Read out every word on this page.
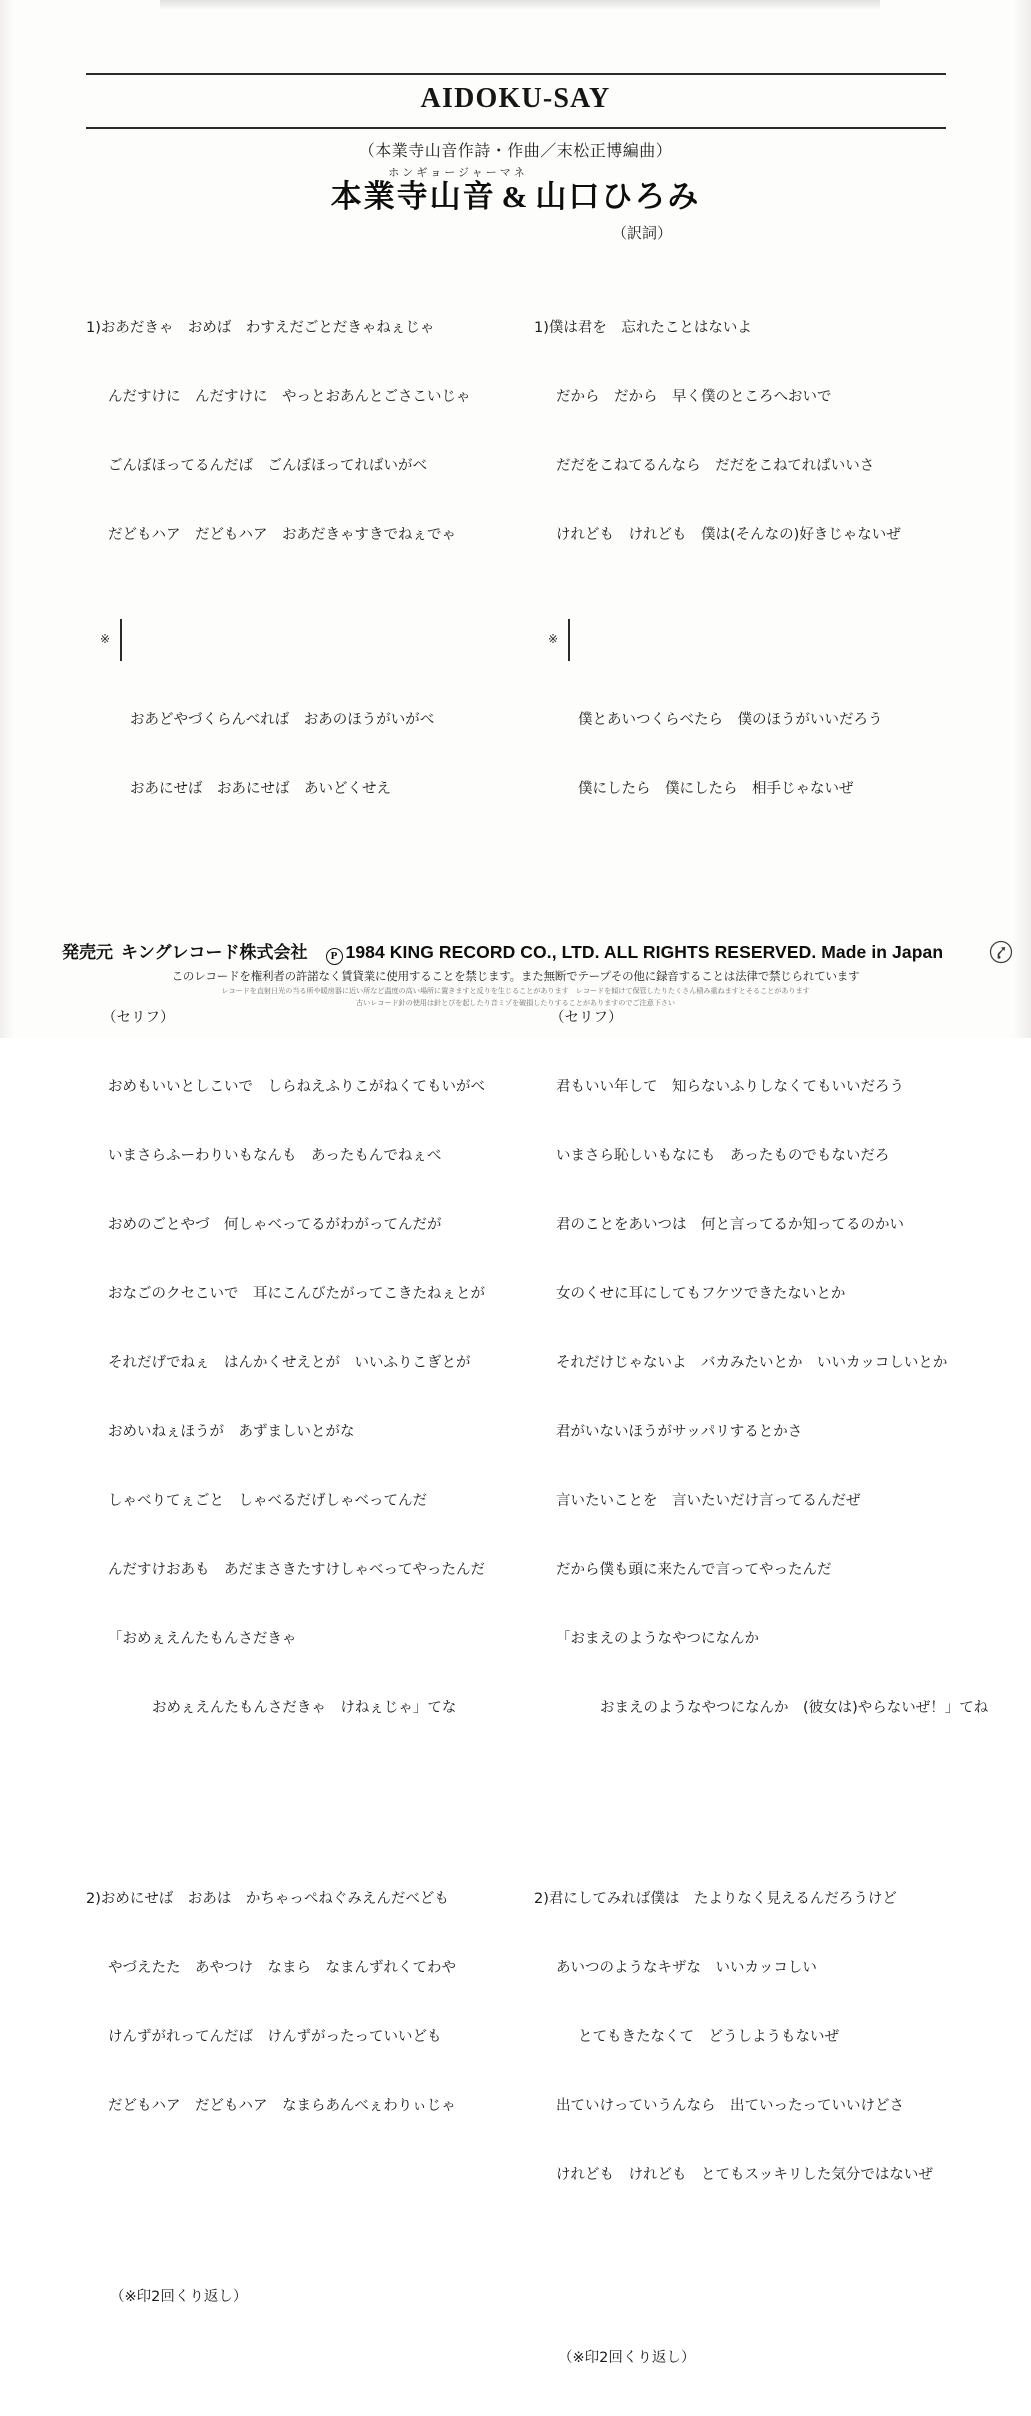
AIDOKU-SAY
（本業寺山音作詩・作曲／末松正博編曲）
ホンギョージャーマネ
本業寺山音 & 山口ひろみ
（訳詞）

1)おあだきゃ　おめば　わすえだごとだきゃねぇじゃ

んだすけに　んだすけに　やっとおあんとごさこいじゃ

ごんぼほってるんだば　ごんぼほってればいがべ

だどもハア　だどもハア　おあだきゃすきでねぇでゃ

※

おあどやづくらんべれば　おあのほうがいがべ

おあにせば　おあにせば　あいどくせえ

（セリフ）

おめもいいとしこいで　しらねえふりこがねくてもいがべ

いまさらふーわりいもなんも　あったもんでねぇべ

おめのごとやづ　何しゃべってるがわがってんだが

おなごのクセこいで　耳にこんびたがってこきたねぇとが

それだげでねぇ　はんかくせえとが　いいふりこぎとが

おめいねぇほうが　あずましいとがな

しゃべりてぇごと　しゃべるだげしゃべってんだ

んだすけおあも　あだまさきたすけしゃべってやったんだ

「おめぇえんたもんさだきゃ

おめぇえんたもんさだきゃ　けねぇじゃ」てな

2)おめにせば　おあは　かちゃっぺねぐみえんだべども

やづえたた　あやつけ　なまら　なまんずれくてわや

けんずがれってんだば　けんずがったっていいども

だどもハア　だどもハア　なまらあんべぇわりぃじゃ

（※印2回くり返し）

1)僕は君を　忘れたことはないよ

だから　だから　早く僕のところへおいで

だだをこねてるんなら　だだをこねてればいいさ

けれども　けれども　僕は(そんなの)好きじゃないぜ

※

僕とあいつくらべたら　僕のほうがいいだろう

僕にしたら　僕にしたら　相手じゃないぜ

（セリフ）

君もいい年して　知らないふりしなくてもいいだろう

いまさら恥しいもなにも　あったものでもないだろ

君のことをあいつは　何と言ってるか知ってるのかい

女のくせに耳にしてもフケツできたないとか

それだけじゃないよ　バカみたいとか　いいカッコしいとか

君がいないほうがサッパリするとかさ

言いたいことを　言いたいだけ言ってるんだぜ

だから僕も頭に来たんで言ってやったんだ

「おまえのようなやつになんか

おまえのようなやつになんか　(彼女は)やらないぜ！」てね

2)君にしてみれば僕は　たよりなく見えるんだろうけど

あいつのようなキザな　いいカッコしい

とてもきたなくて　どうしようもないぜ

出ていけっていうんなら　出ていったっていいけどさ

けれども　けれども　とてもスッキリした気分ではないぜ

（※印2回くり返し）

発売元 キングレコード株式会社	P 1984 KING RECORD CO., LTD. ALL RIGHTS RESERVED. Made in Japan
このレコードを権利者の許諾なく賃貸業に使用することを禁じます。また無断でテープその他に録音することは法律で禁じられています
レコードを直射日光の当る所や暖房器に近い所など温度の高い場所に置きますと反りを生じることがあります　レコードを傾けて保管したりたくさん積み重ねますとそることがあります
古いレコード針の使用は針とびを起したり音ミゾを破損したりすることがありますのでご注意下さい
